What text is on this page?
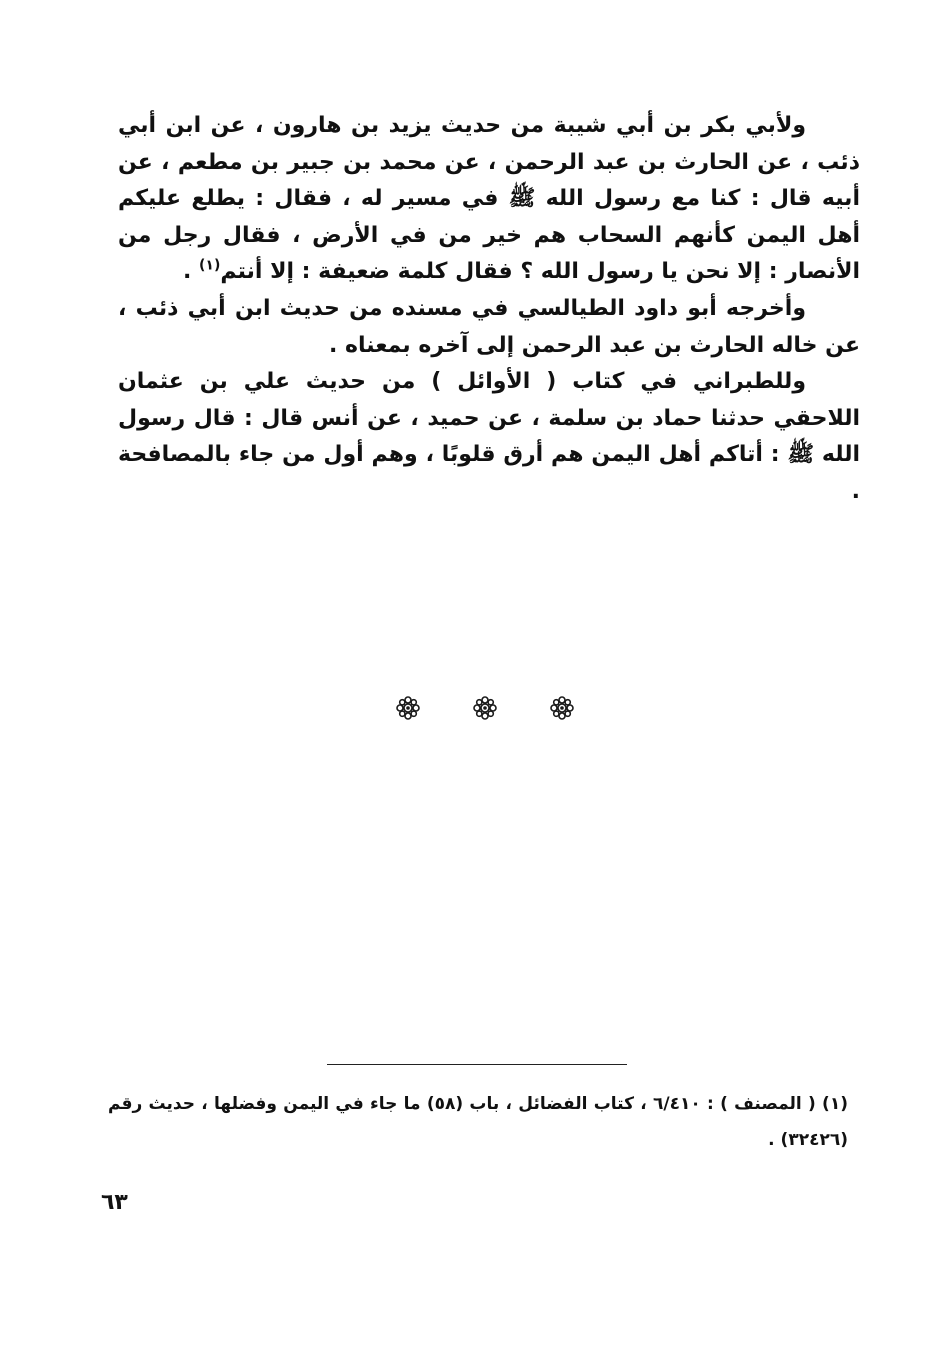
ولأبي بكر بن أبي شيبة من حديث يزيد بن هارون ، عن ابن أبي ذئب ، عن الحارث بن عبد الرحمن ، عن محمد بن جبير بن مطعم ، عن أبيه قال : كنا مع رسول الله ﷺ في مسير له ، فقال : يطلع عليكم أهل اليمن كأنهم السحاب هم خير من في الأرض ، فقال رجل من الأنصار : إلا نحن يا رسول الله ؟ فقال كلمة ضعيفة : إلا أنتم$^{(١)}$ .

وأخرجه أبو داود الطيالسي في مسنده من حديث ابن أبي ذئب ، عن خاله الحارث بن عبد الرحمن إلى آخره بمعناه .

وللطبراني في كتاب ( الأوائل ) من حديث علي بن عثمان اللاحقي حدثنا حماد بن سلمة ، عن حميد ، عن أنس قال : قال رسول الله ﷺ : أتاكم أهل اليمن هم أرق قلوبًا ، وهم أول من جاء بالمصافحة .

(١) ( المصنف ) : ٦/٤١٠ ، كتاب الفضائل ، باب (٥٨) ما جاء في اليمن وفضلها ، حديث رقم (٣٢٤٢٦) .

٦٣
